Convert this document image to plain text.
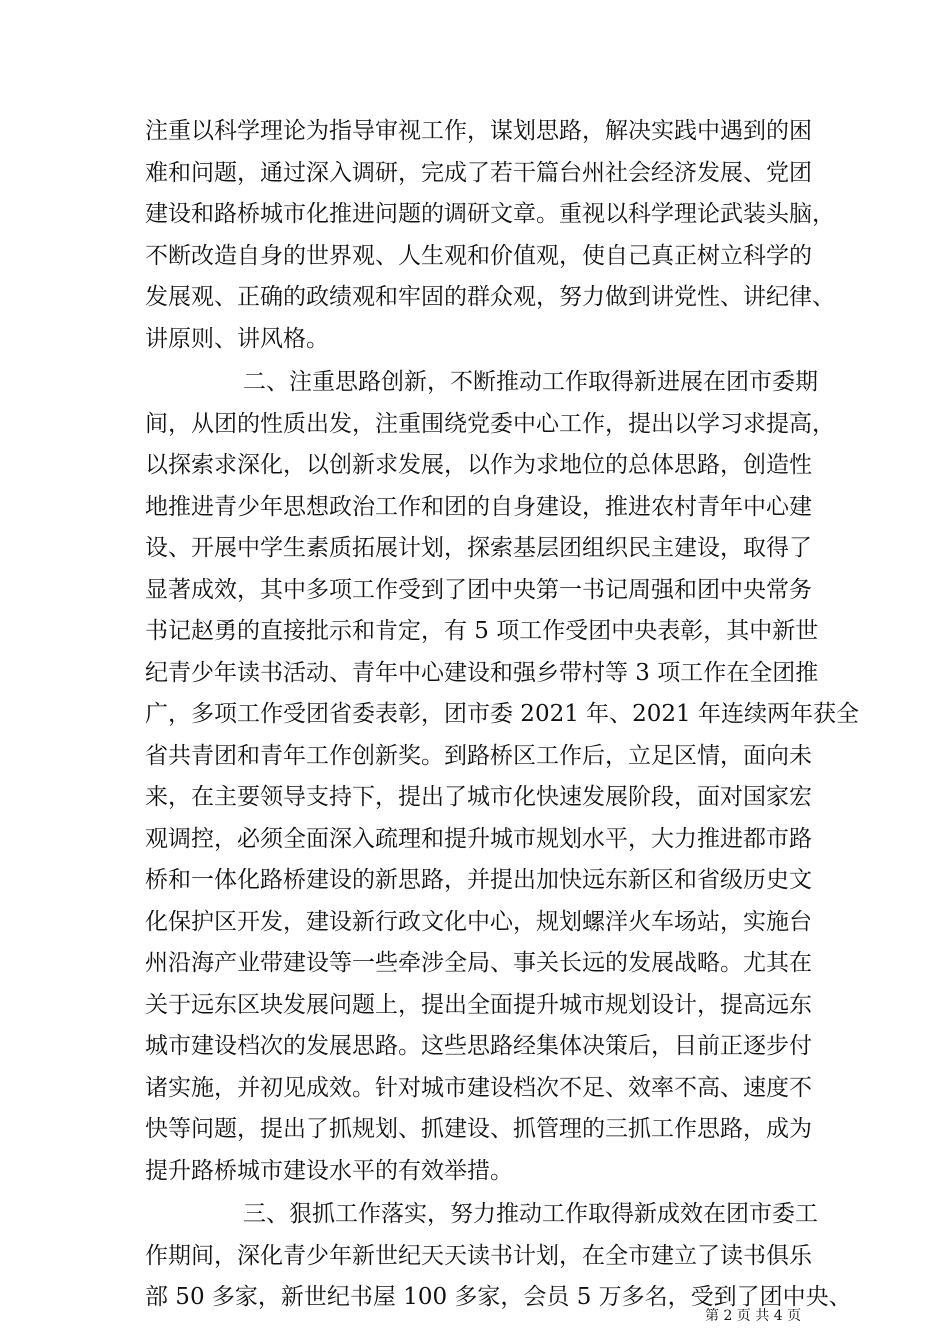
注重以科学理论为指导审视工作，谋划思路，解决实践中遇到的困
难和问题，通过深入调研，完成了若干篇台州社会经济发展、党团
建设和路桥城市化推进问题的调研文章。重视以科学理论武装头脑，
不断改造自身的世界观、人生观和价值观，使自己真正树立科学的
发展观、正确的政绩观和牢固的群众观，努力做到讲党性、讲纪律、
讲原则、讲风格。
二、注重思路创新，不断推动工作取得新进展在团市委期
间，从团的性质出发，注重围绕党委中心工作，提出以学习求提高，
以探索求深化，以创新求发展，以作为求地位的总体思路，创造性
地推进青少年思想政治工作和团的自身建设，推进农村青年中心建
设、开展中学生素质拓展计划，探索基层团组织民主建设，取得了
显著成效，其中多项工作受到了团中央第一书记周强和团中央常务
书记赵勇的直接批示和肯定，有 5 项工作受团中央表彰，其中新世
纪青少年读书活动、青年中心建设和强乡带村等 3 项工作在全团推
广，多项工作受团省委表彰，团市委 2021 年、2021 年连续两年获全
省共青团和青年工作创新奖。到路桥区工作后，立足区情，面向未
来，在主要领导支持下，提出了城市化快速发展阶段，面对国家宏
观调控，必须全面深入疏理和提升城市规划水平，大力推进都市路
桥和一体化路桥建设的新思路，并提出加快远东新区和省级历史文
化保护区开发，建设新行政文化中心，规划螺洋火车场站，实施台
州沿海产业带建设等一些牵涉全局、事关长远的发展战略。尤其在
关于远东区块发展问题上，提出全面提升城市规划设计，提高远东
城市建设档次的发展思路。这些思路经集体决策后，目前正逐步付
诸实施，并初见成效。针对城市建设档次不足、效率不高、速度不
快等问题，提出了抓规划、抓建设、抓管理的三抓工作思路，成为
提升路桥城市建设水平的有效举措。
三、狠抓工作落实，努力推动工作取得新成效在团市委工
第 2 页 共 4 页
作期间，深化青少年新世纪天天读书计划，在全市建立了读书俱乐
部 50 多家，新世纪书屋 100 多家，会员 5 万多名，受到了团中央、
